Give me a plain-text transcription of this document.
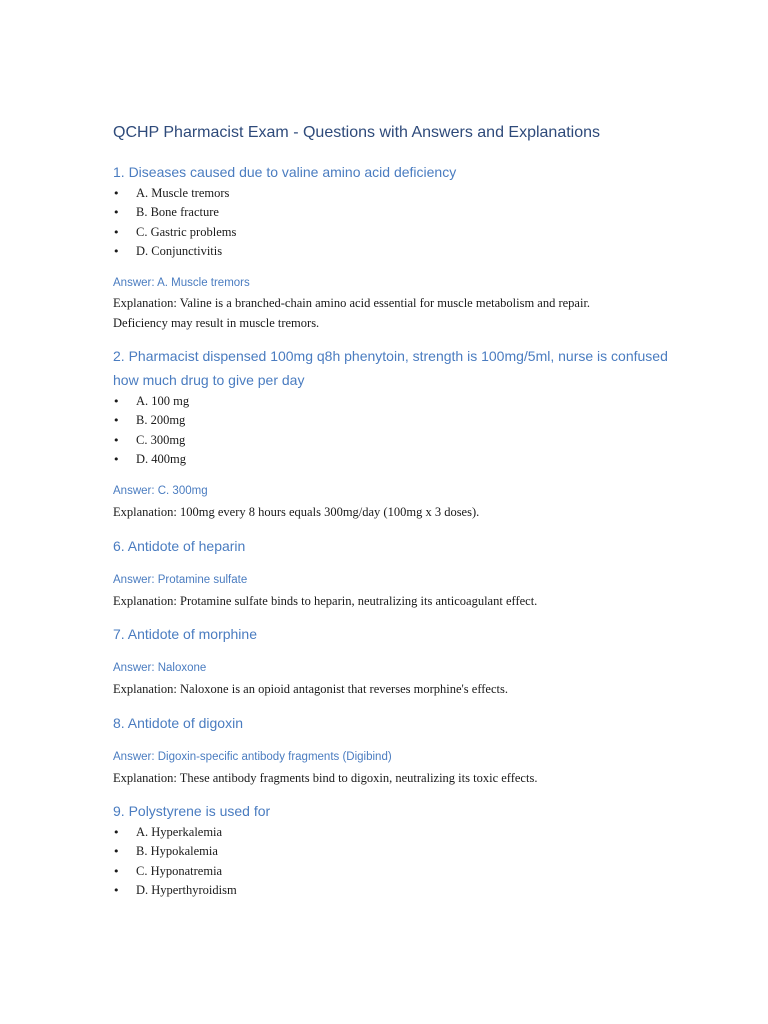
QCHP Pharmacist Exam - Questions with Answers and Explanations
1. Diseases caused due to valine amino acid deficiency
• A. Muscle tremors
• B. Bone fracture
• C. Gastric problems
• D. Conjunctivitis

Answer: A. Muscle tremors

Explanation: Valine is a branched-chain amino acid essential for muscle metabolism and repair. Deficiency may result in muscle tremors.

2. Pharmacist dispensed 100mg q8h phenytoin, strength is 100mg/5ml, nurse is confused how much drug to give per day
• A. 100 mg
• B. 200mg
• C. 300mg
• D. 400mg

Answer: C. 300mg

Explanation: 100mg every 8 hours equals 300mg/day (100mg x 3 doses).

6. Antidote of heparin

Answer: Protamine sulfate

Explanation: Protamine sulfate binds to heparin, neutralizing its anticoagulant effect.

7. Antidote of morphine

Answer: Naloxone

Explanation: Naloxone is an opioid antagonist that reverses morphine's effects.

8. Antidote of digoxin

Answer: Digoxin-specific antibody fragments (Digibind)

Explanation: These antibody fragments bind to digoxin, neutralizing its toxic effects.

9. Polystyrene is used for
• A. Hyperkalemia
• B. Hypokalemia
• C. Hyponatremia
• D. Hyperthyroidism
